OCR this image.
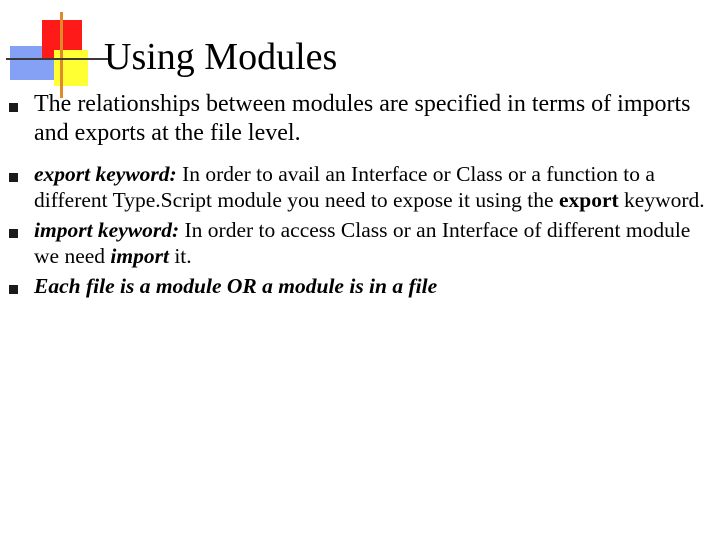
Using Modules
The relationships between modules are specified in terms of imports and exports at the file level.
export keyword: In order to avail an Interface or Class or a function to a different Type.Script module you need to expose it using the export keyword.
import keyword: In order to access Class or an Interface of different module we need import it.
Each file is a module OR a module is in a file
